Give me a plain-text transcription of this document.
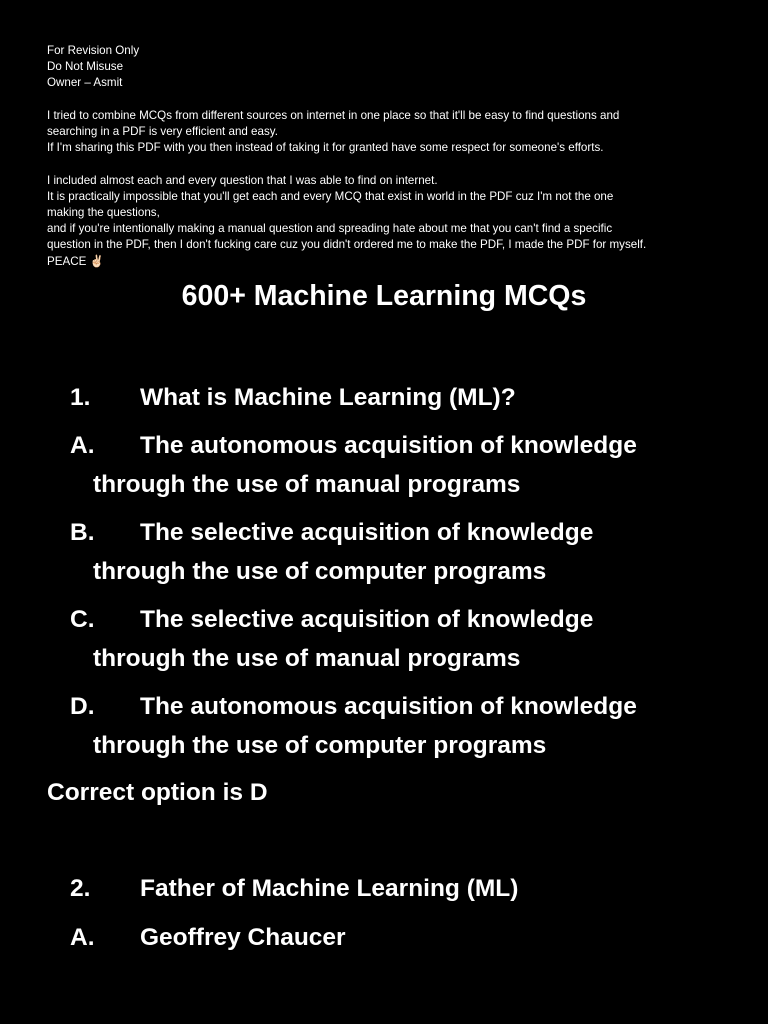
For Revision Only

Do Not Misuse

Owner – Asmit

I tried to combine MCQs from different sources on internet in one place so that it'll be easy to find questions and

searching in a PDF is very efficient and easy.

If I'm sharing this PDF with you then instead of taking it for granted have some respect for someone's efforts.

I included almost each and every question that I was able to find on internet.

It is practically impossible that you'll get each and every MCQ that exist in world in the PDF cuz I'm not the one

making the questions,

and if you're intentionally making a manual question and spreading hate about me that you can't find a specific

question in the PDF, then I don't fucking care cuz you didn't ordered me to make the PDF, I made the PDF for myself.

PEACE ✌🏻

600+ Machine Learning MCQs
1. What is Machine Learning (ML)?
A. The autonomous acquisition of knowledge
through the use of manual programs
B. The selective acquisition of knowledge
through the use of computer programs
C. The selective acquisition of knowledge
through the use of manual programs
D. The autonomous acquisition of knowledge
through the use of computer programs
Correct option is D
2. Father of Machine Learning (ML)
A. Geoffrey Chaucer
